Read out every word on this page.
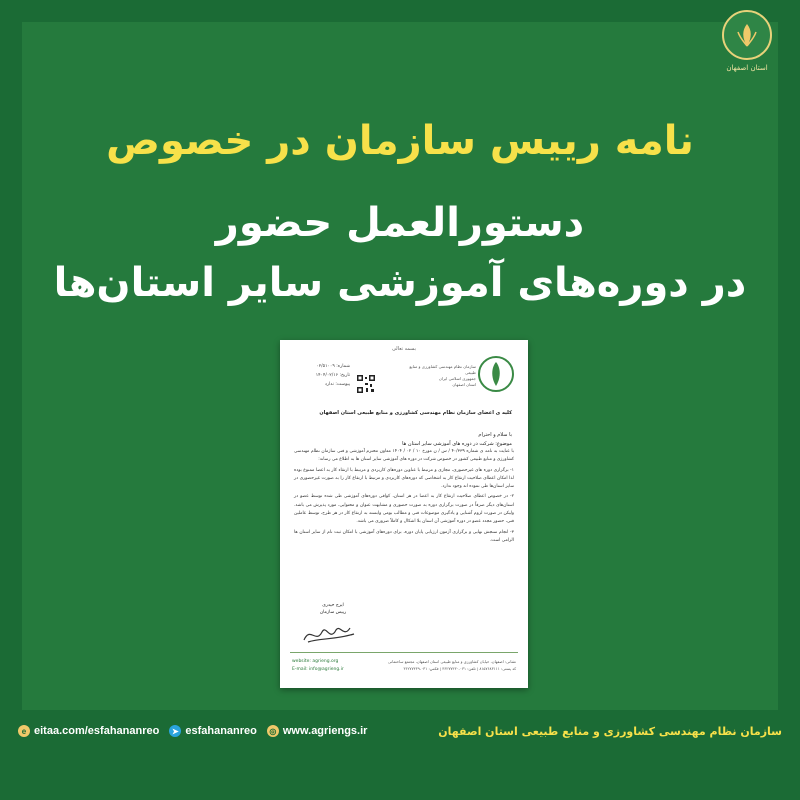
استان اصفهان
نامه رییس سازمان در خصوص
دستورالعمل حضور
در دوره‌های آموزشی سایر استان‌ها
بسمه تعالی
سازمان نظام مهندسی کشاورزی و منابع طبیعی
جمهوری اسلامی ایران
استان اصفهان
شماره: ۰۲/۵۱۰۰۹
تاریخ: ۱۴۰۴/۰۲/۱۶
پیوست: ندارد
کلیه ی اعضای سازمان نظام مهندسی کشاورزی و منابع طبیعی استان اصفهان
با سلام و احترام
موضوع: شرکت در دوره های آموزشی سایر استان ها

با عنایت به نامه ی شماره ۴۰/۳۳۹ / س / ن مورخ ۱۰ / ۰۲ / ۱۴۰۴ معاون محترم آموزشی و فنی سازمان نظام مهندسی کشاورزی و منابع طبیعی کشور در خصوص شرکت در دوره های آموزشی سایر استان ها به اطلاع می رساند:

۱- برگزاری دوره های غیرحضوری، مجازی و مرتبط با عناوین دوره‌های کاربردی و مرتبط با ارتقاء کار به اعضا ممنوع بوده لذا امکان اعطای صلاحیت ارتقاع کار به اشخاصی که دوره‌های کاربردی و مرتبط با ارتقاع کار را به صورت غیرحضوری در سایر استان‌ها طی نموده اند وجود ندارد.

۲- در خصوص اعطای صلاحیت ارتقاع کار به اعضا در هر استان، کوافی دوره‌های آموزشی طی شده توسط عضو در استان‌های دیگر صرفاً در صورت برگزاری دوره به صورت حضوری و مشابهت عنوان و محتوایی، مورد پذیرش می باشد. ولیکن در صورت لزوم آشنایی و یادگیری موضوعات فنی و مطالب بومی وابسته به ارتقاع کار در هر طرح، توسط عاملین فنی، حضور مجدد عضو در دوره آموزشی آن استان بلا اشکال و کاملاً ضروری می باشد.

۳- انجام سنجش نهایی و برگزاری آزمون ارزیابی پایان دوره، برای دوره‌های آموزشی با امکان ثبت نام از سایر استان ها الزامی است.

ایرج حیدری
رییس سازمان
website: agrieng.org
E-mail: info@agrieng.ir
نشانی: اصفهان، خیابان کشاورزی و منابع طبیعی استان اصفهان، مجتمع ساختمانی
کد پستی: ۸۱۵۷۶۸۳۱۱۱ | تلفن: ۰۳۱-۳۶۲۷۷۴۳۰ | فکس: ۰۳۱-۳۶۲۷۷۴۳۹
e eitaa.com/esfahananreo	➤ esfahananreo	◎ www.agriengs.ir	سازمان نظام مهندسی کشاورزی و منابع طبیعی استان اصفهان
